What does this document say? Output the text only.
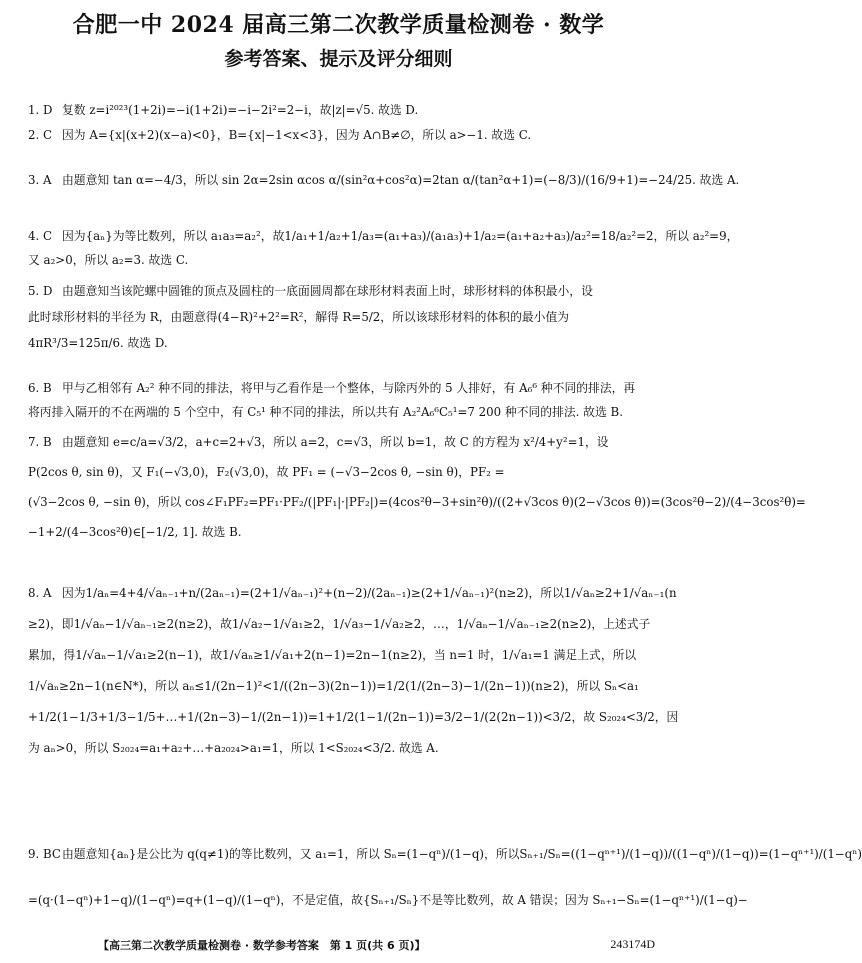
合肥一中 2024 届高三第二次教学质量检测卷 · 数学
参考答案、提示及评分细则
1. D 复数 z=i²⁰²³(1+2i)=−i(1+2i)=−i−2i²=2−i，故|z|=√5. 故选 D.
2. C 因为 A={x|(x+2)(x−a)<0}，B={x|−1<x<3}，因为 A∩B≠∅，所以 a>−1. 故选 C.
3. A 由题意知 tan α=−4/3，所以 sin 2α=2sin αcos α/(sin²α+cos²α)=2tan α/(tan²α+1)=(−8/3)/(16/9+1)=−24/25. 故选 A.
4. C 因为{aₙ}为等比数列，所以 a₁a₃=a₂²，故1/a₁+1/a₂+1/a₃=(a₁+a₃)/(a₁a₃)+1/a₂=(a₁+a₂+a₃)/a₂²=18/a₂²=2，所以 a₂²=9，
又 a₂>0，所以 a₂=3. 故选 C.
5. D 由题意知当该陀螺中圆锥的顶点及圆柱的一底面圆周都在球形材料表面上时，球形材料的体积最小，设
此时球形材料的半径为 R，由题意得(4−R)²+2²=R²，解得 R=5/2，所以该球形材料的体积的最小值为
4πR³/3=125π/6. 故选 D.
6. B 甲与乙相邻有 A₂² 种不同的排法，将甲与乙看作是一个整体，与除丙外的 5 人排好，有 A₆⁶ 种不同的排法，再
将丙排入隔开的不在两端的 5 个空中，有 C₅¹ 种不同的排法，所以共有 A₂²A₆⁶C₅¹=7 200 种不同的排法. 故选 B.
7. B 由题意知 e=c/a=√3/2，a+c=2+√3，所以 a=2，c=√3，所以 b=1，故 C 的方程为 x²/4+y²=1，设
P(2cos θ, sin θ)，又 F₁(−√3,0)，F₂(√3,0)，故 PF₁ = (−√3−2cos θ, −sin θ)，PF₂ =
(√3−2cos θ, −sin θ)，所以 cos∠F₁PF₂=PF₁·PF₂/(|PF₁|·|PF₂|)=(4cos²θ−3+sin²θ)/((2+√3cos θ)(2−√3cos θ))=(3cos²θ−2)/(4−3cos²θ)=
−1+2/(4−3cos²θ)∈[−1/2, 1]. 故选 B.
8. A 因为1/aₙ=4+4/√aₙ₋₁+n/(2aₙ₋₁)=(2+1/√aₙ₋₁)²+(n−2)/(2aₙ₋₁)≥(2+1/√aₙ₋₁)²(n≥2)，所以1/√aₙ≥2+1/√aₙ₋₁(n
≥2)，即1/√aₙ−1/√aₙ₋₁≥2(n≥2)，故1/√a₂−1/√a₁≥2，1/√a₃−1/√a₂≥2，…，1/√aₙ−1/√aₙ₋₁≥2(n≥2)，上述式子
累加，得1/√aₙ−1/√a₁≥2(n−1)，故1/√aₙ≥1/√a₁+2(n−1)=2n−1(n≥2)，当 n=1 时，1/√a₁=1 满足上式，所以
1/√aₙ≥2n−1(n∈N*)，所以 aₙ≤1/(2n−1)²<1/((2n−3)(2n−1))=1/2(1/(2n−3)−1/(2n−1))(n≥2)，所以 Sₙ<a₁
+1/2(1−1/3+1/3−1/5+…+1/(2n−3)−1/(2n−1))=1+1/2(1−1/(2n−1))=3/2−1/(2(2n−1))<3/2，故 S₂₀₂₄<3/2，因
为 aₙ>0，所以 S₂₀₂₄=a₁+a₂+…+a₂₀₂₄>a₁=1，所以 1<S₂₀₂₄<3/2. 故选 A.
9. BC由题意知{aₙ}是公比为 q(q≠1)的等比数列，又 a₁=1，所以 Sₙ=(1−qⁿ)/(1−q)，所以Sₙ₊₁/Sₙ=((1−qⁿ⁺¹)/(1−q))/((1−qⁿ)/(1−q))=(1−qⁿ⁺¹)/(1−qⁿ)
=(q·(1−qⁿ)+1−q)/(1−qⁿ)=q+(1−q)/(1−qⁿ)，不是定值，故{Sₙ₊₁/Sₙ}不是等比数列，故 A 错误；因为 Sₙ₊₁−Sₙ=(1−qⁿ⁺¹)/(1−q)−
【高三第二次教学质量检测卷 · 数学参考答案　第 1 页(共 6 页)】	243174D
